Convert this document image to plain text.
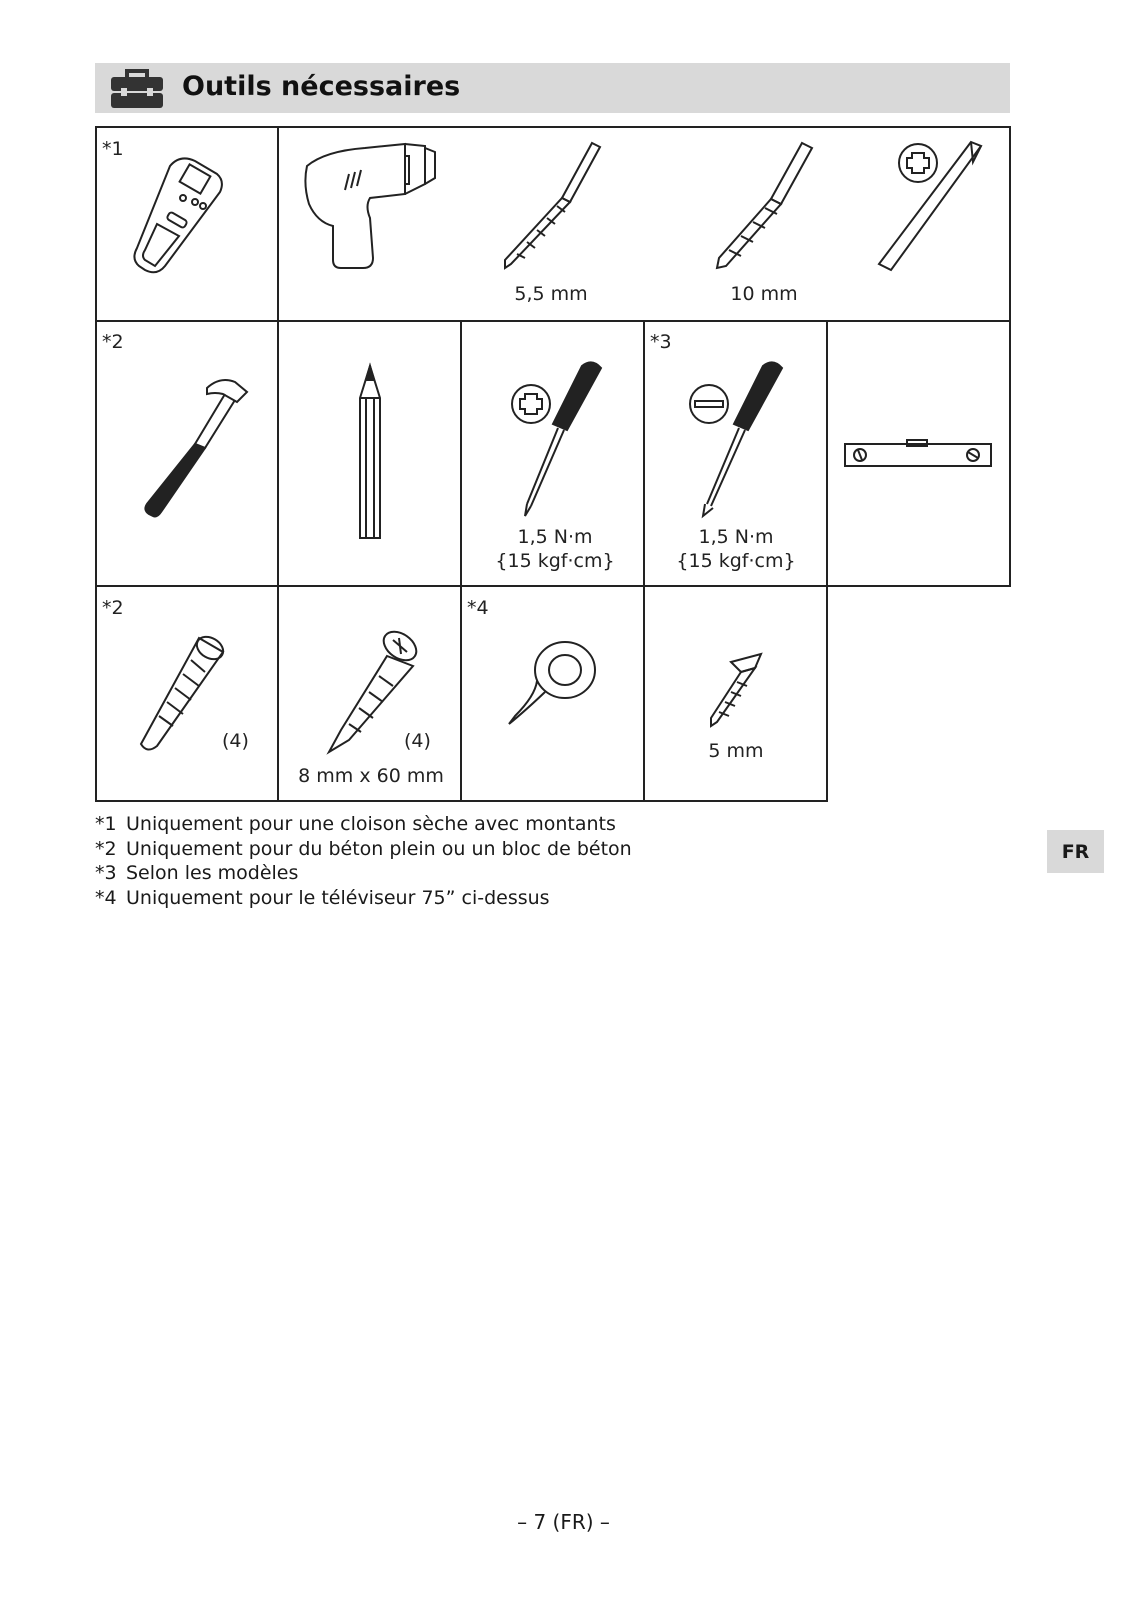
Outils nécessaires
*1
5,5 mm	10 mm
*2
1,5 N·m
{15 kgf·cm}
*3
1,5 N·m
{15 kgf·cm}
*2
(4)	(4)
8 mm x 60 mm
*4
5 mm
*1 Uniquement pour une cloison sèche avec montants
*2 Uniquement pour du béton plein ou un bloc de béton
*3 Selon les modèles
*4 Uniquement pour le téléviseur 75” ci-dessus
FR
– 7 (FR) –
